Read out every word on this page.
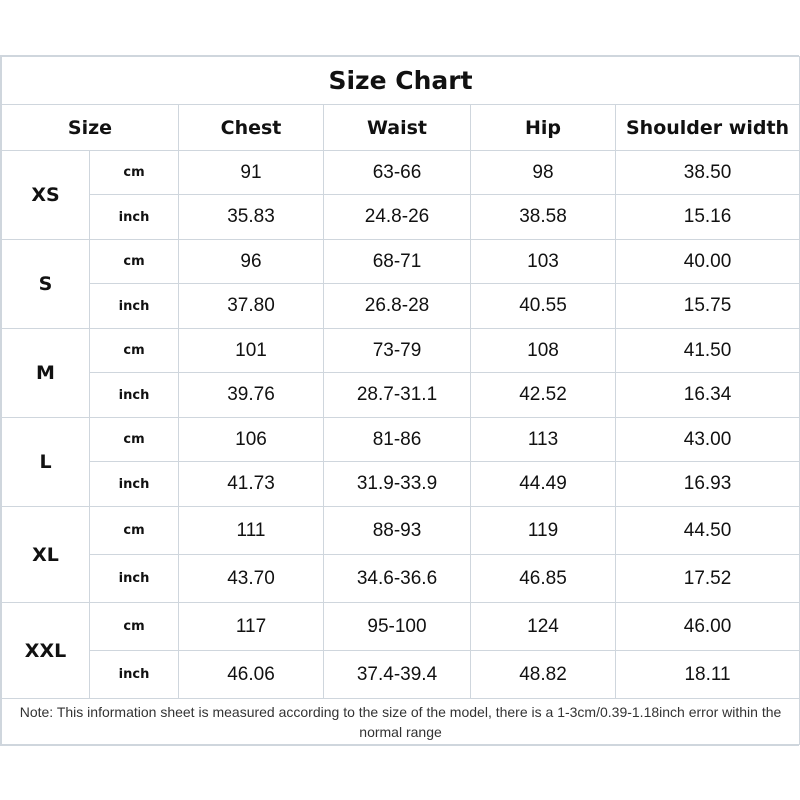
Size Chart					
Size		Chest	Waist	Hip	Shoulder width
XS	cm	91	63-66	98	38.50
	inch	35.83	24.8-26	38.58	15.16
S	cm	96	68-71	103	40.00
	inch	37.80	26.8-28	40.55	15.75
M	cm	101	73-79	108	41.50
	inch	39.76	28.7-31.1	42.52	16.34
L	cm	106	81-86	113	43.00
	inch	41.73	31.9-33.9	44.49	16.93
XL	cm	111	88-93	119	44.50
	inch	43.70	34.6-36.6	46.85	17.52
XXL	cm	117	95-100	124	46.00
	inch	46.06	37.4-39.4	48.82	18.11
Note: This information sheet is measured according to the size of the model, there is a 1-3cm/0.39-1.18inch error within the normal range					
